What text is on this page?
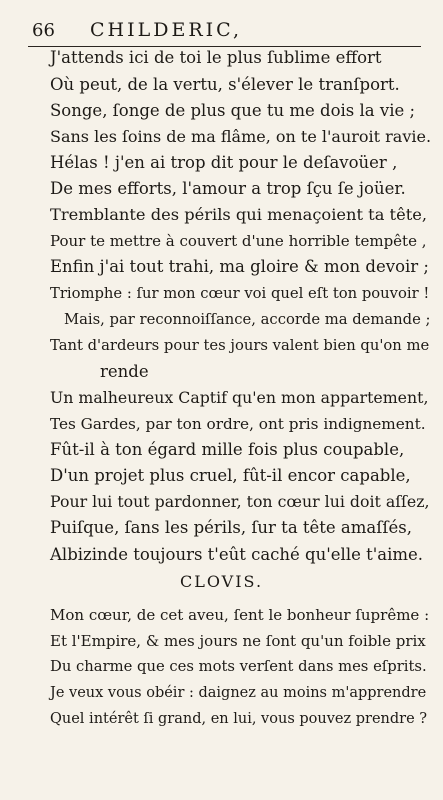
66 CHILDERIC,
J'attends ici de toi le plus ſublime effort
Où peut, de la vertu, s'élever le tranſport.
Songe, ſonge de plus que tu me dois la vie ;
Sans les ſoins de ma flâme, on te l'auroit ravie.
Hélas ! j'en ai trop dit pour le deſavoüer ,
De mes efforts, l'amour a trop ſçu ſe joüer.
Tremblante des périls qui menaçoient ta tête,
Pour te mettre à couvert d'une horrible tempête ,
Enfin j'ai tout trahi, ma gloire & mon devoir ;
Triomphe : ſur mon cœur voi quel eſt ton pouvoir !
Mais, par reconnoiſſance, accorde ma demande ;
Tant d'ardeurs pour tes jours valent bien qu'on me
rende
Un malheureux Captif qu'en mon appartement,
Tes Gardes, par ton ordre, ont pris indignement.
Fût-il à ton égard mille fois plus coupable,
D'un projet plus cruel, fût-il encor capable,
Pour lui tout pardonner, ton cœur lui doit aſſez,
Puiſque, ſans les périls, ſur ta tête amaſſés,
Albizinde toujours t'eût caché qu'elle t'aime.
CLOVIS.
Mon cœur, de cet aveu, ſent le bonheur ſuprême :
Et l'Empire, & mes jours ne ſont qu'un foible prix
Du charme que ces mots verſent dans mes eſprits.
Je veux vous obéir : daignez au moins m'apprendre
Quel intérêt ſi grand, en lui, vous pouvez prendre ?
